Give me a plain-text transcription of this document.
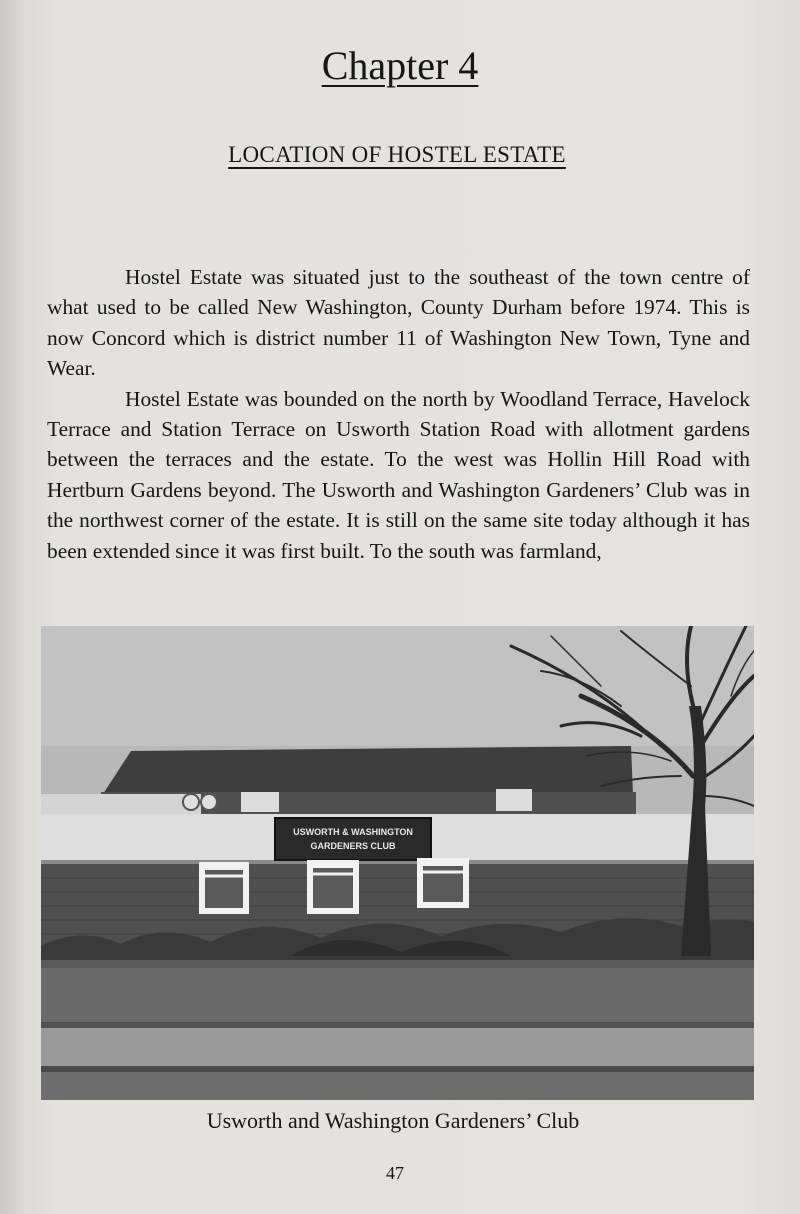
Chapter 4
LOCATION OF HOSTEL ESTATE

Hostel Estate was situated just to the southeast of the town centre of what used to be called New Washington, County Durham before 1974. This is now Concord which is district number 11 of Washington New Town, Tyne and Wear.

Hostel Estate was bounded on the north by Woodland Terrace, Havelock Terrace and Station Terrace on Usworth Station Road with allotment gardens between the terraces and the estate. To the west was Hollin Hill Road with Hertburn Gardens beyond. The Usworth and Washington Gardeners’ Club was in the northwest corner of the estate. It is still on the same site today although it has been extended since it was first built. To the south was farmland,

USWORTH & WASHINGTON
GARDENERS CLUB
Usworth and Washington Gardeners’ Club
47
